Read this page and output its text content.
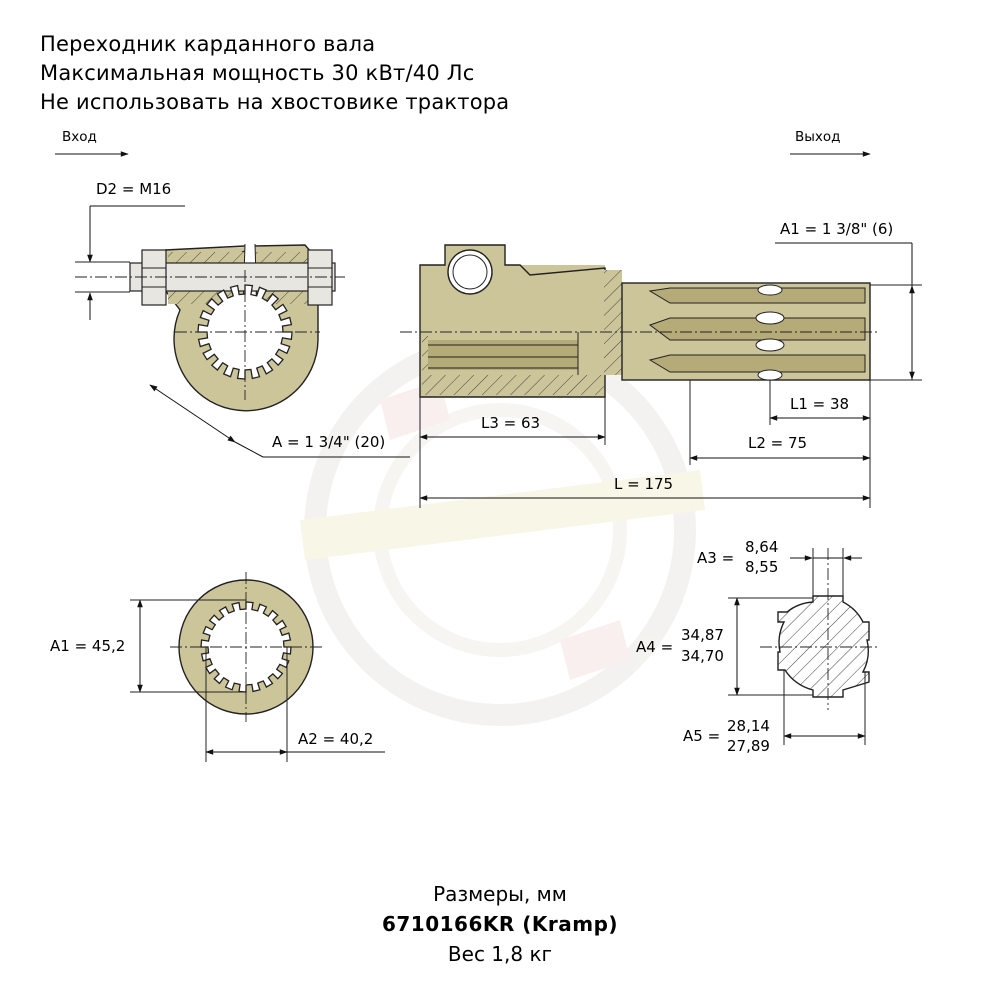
Переходник карданного вала
Максимальная мощность 30 кВт/40 Лс
Не использовать на хвостовике трактора
Вход	Выход
D2 = M16
A = 1 3/4" (20)
A1 = 1 3/8" (6)
L1 = 38
L2 = 75
L3 = 63
L = 175
A1 = 45,2
A2 = 40,2
A3 =
8,64
8,55
A4 =
34,87
34,70
A5 =
28,14
27,89
Размеры, мм
6710166KR (Kramp)
Вес 1,8 кг
